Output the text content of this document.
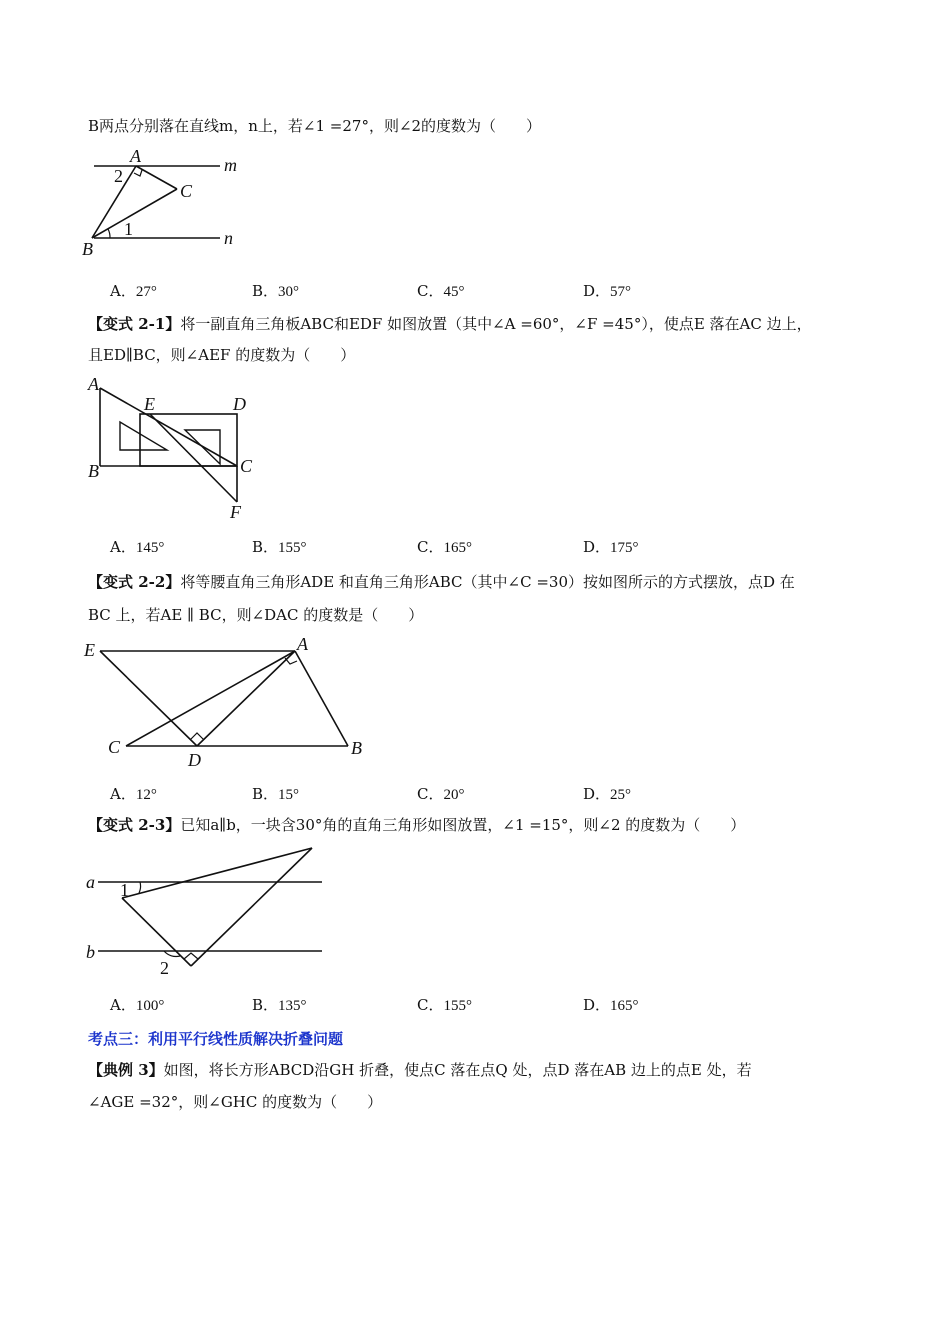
B两点分别落在直线m，n上，若∠1 =27°，则∠2的度数为（　　）
A
B
C
m
n
1
2
A．27°	B．30°	C．45°	D．57°
【变式 2-1】将一副直角三角板ABC和EDF 如图放置（其中∠A =60°，∠F =45°），使点E 落在AC 边上，
且ED∥BC，则∠AEF 的度数为（　　）
A
B	C
D
E
F
A．145°	B．155°	C．165°	D．175°
【变式 2-2】将等腰直角三角形ADE 和直角三角形ABC（其中∠C =30）按如图所示的方式摆放，点D 在
BC 上，若AE ∥ BC，则∠DAC 的度数是（　　）
E	A
C
D
B
A．12°	B．15°	C．20°	D．25°
【变式 2-3】已知a∥b，一块含30°角的直角三角形如图放置，∠1 =15°，则∠2 的度数为（　　）
a
b
1
2
A．100°	B．135°	C．155°	D．165°
考点三：利用平行线性质解决折叠问题
【典例 3】如图，将长方形ABCD沿GH 折叠，使点C 落在点Q 处，点D 落在AB 边上的点E 处，若
∠AGE =32°，则∠GHC 的度数为（　　）
